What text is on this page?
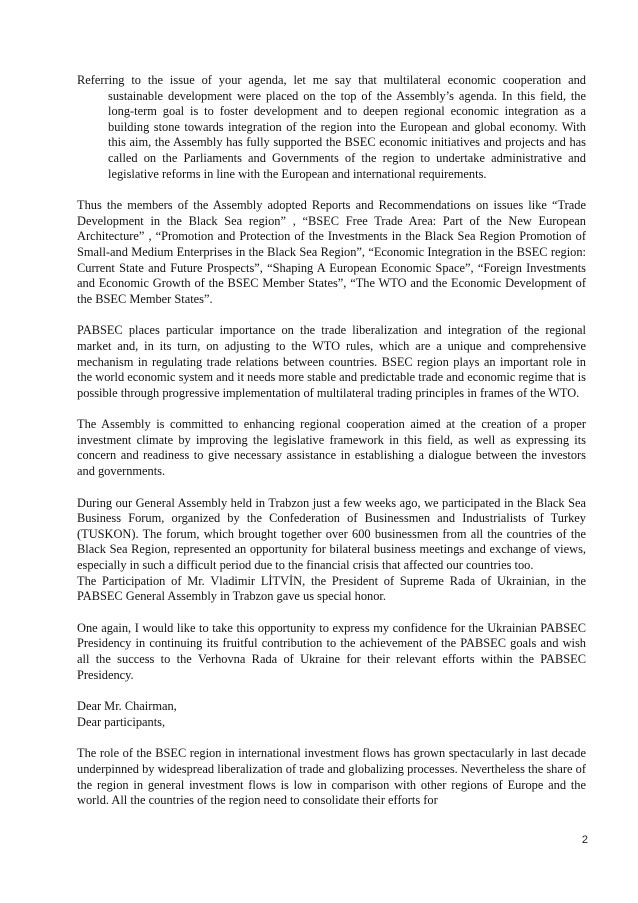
Referring to the issue of your agenda, let me say that multilateral economic cooperation and sustainable development were placed on the top of the Assembly’s agenda. In this field, the long-term goal is to foster development and to deepen regional economic integration as a building stone towards integration of the region into the European and global economy. With this aim, the Assembly has fully supported the BSEC economic initiatives and projects and has called on the Parliaments and Governments of the region to undertake administrative and legislative reforms in line with the European and international requirements.

Thus the members of the Assembly adopted Reports and Recommendations on issues like “Trade Development in the Black Sea region” , “BSEC Free Trade Area: Part of the New European Architecture” , “Promotion and Protection of the Investments in the Black Sea Region Promotion of Small-and Medium Enterprises in the Black Sea Region”, “Economic Integration in the BSEC region: Current State and Future Prospects”, “Shaping A European Economic Space”, “Foreign Investments and Economic Growth of the BSEC Member States”, “The WTO and the Economic Development of the BSEC Member States”.

PABSEC places particular importance on the trade liberalization and integration of the regional market and, in its turn, on adjusting to the WTO rules, which are a unique and comprehensive mechanism in regulating trade relations between countries. BSEC region plays an important role in the world economic system and it needs more stable and predictable trade and economic regime that is possible through progressive implementation of multilateral trading principles in frames of the WTO.

The Assembly is committed to enhancing regional cooperation aimed at the creation of a proper investment climate by improving the legislative framework in this field, as well as expressing its concern and readiness to give necessary assistance in establishing a dialogue between the investors and governments.

During our General Assembly held in Trabzon just a few weeks ago, we participated in the Black Sea Business Forum, organized by the Confederation of Businessmen and Industrialists of Turkey (TUSKON). The forum, which brought together over 600 businessmen from all the countries of the Black Sea Region, represented an opportunity for bilateral business meetings and exchange of views, especially in such a difficult period due to the financial crisis that affected our countries too.

The Participation of Mr. Vladimir LİTVİN, the President of Supreme Rada of Ukrainian, in the PABSEC General Assembly in Trabzon gave us special honor.

One again, I would like to take this opportunity to express my confidence for the Ukrainian PABSEC Presidency in continuing its fruitful contribution to the achievement of the PABSEC goals and wish all the success to the Verhovna Rada of Ukraine for their relevant efforts within the PABSEC Presidency.

Dear Mr. Chairman,

Dear participants,

The role of the BSEC region in international investment flows has grown spectacularly in last decade underpinned by widespread liberalization of trade and globalizing processes. Nevertheless the share of the region in general investment flows is low in comparison with other regions of Europe and the world. All the countries of the region need to consolidate their efforts for

2
